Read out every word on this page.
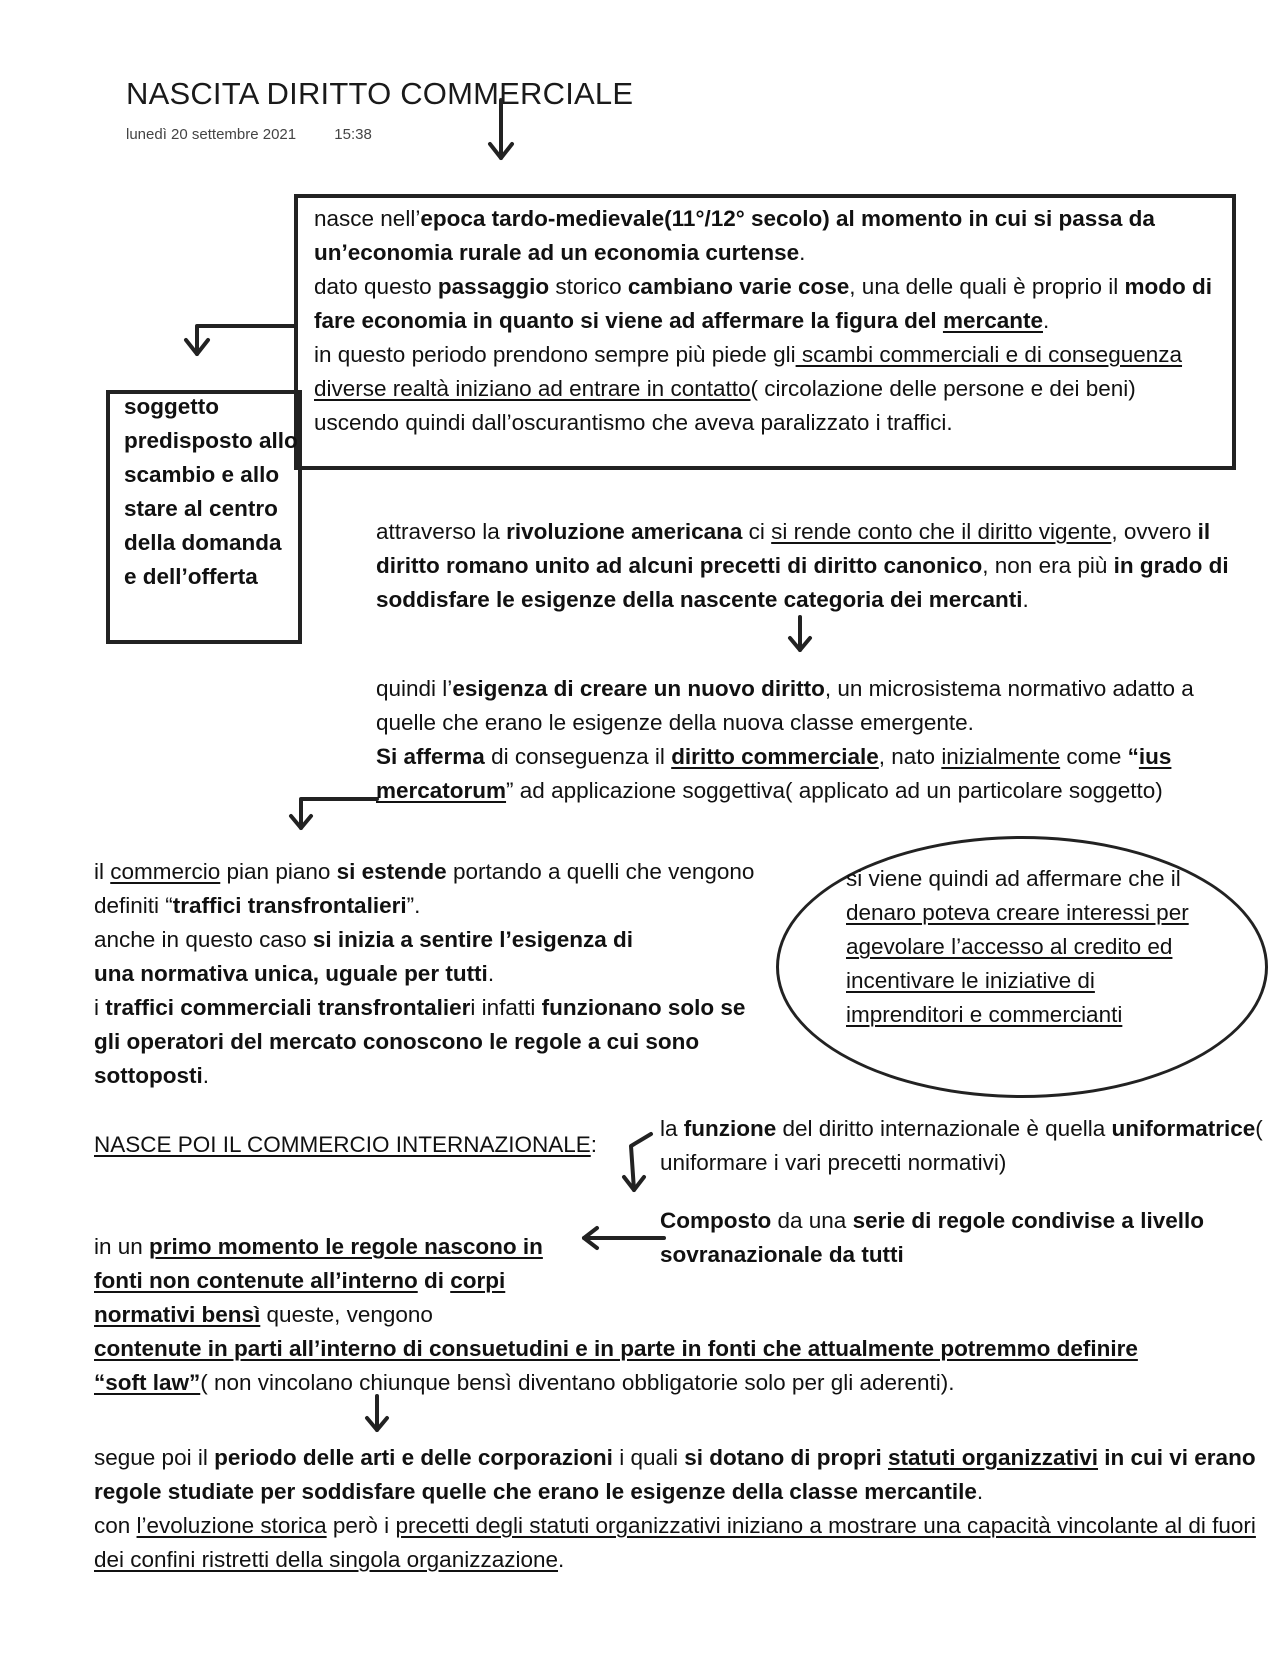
NASCITA DIRITTO COMMERCIALE
lunedì 20 settembre 2021	15:38

nasce nell’epoca tardo-medievale(11°/12° secolo) al momento in cui si passa da un’economia rurale ad un economia curtense.

dato questo passaggio storico cambiano varie cose, una delle quali è proprio il modo di fare economia in quanto si viene ad affermare la figura del mercante.

in questo periodo prendono sempre più piede gli scambi commerciali e di conseguenza diverse realtà iniziano ad entrare in contatto( circolazione delle persone e dei beni) uscendo quindi dall’oscurantismo che aveva paralizzato i traffici.

soggetto predisposto allo scambio e allo stare al centro della domanda e dell’offerta

attraverso la rivoluzione americana ci si rende conto che il diritto vigente, ovvero il diritto romano unito ad alcuni precetti di diritto canonico, non era più in grado di soddisfare le esigenze della nascente categoria dei mercanti.

quindi l’esigenza di creare un nuovo diritto, un microsistema normativo adatto a quelle che erano le esigenze della nuova classe emergente.

Si afferma di conseguenza il diritto commerciale, nato inizialmente come “ius mercatorum” ad applicazione soggettiva( applicato ad un particolare soggetto)

il commercio pian piano si estende portando a quelli che vengono definiti “traffici transfrontalieri”.

anche in questo caso si inizia a sentire l’esigenza di una normativa unica, uguale per tutti.

i traffici commerciali transfrontalieri infatti funzionano solo se gli operatori del mercato conoscono le regole a cui sono sottoposti.

si viene quindi ad affermare che il denaro poteva creare interessi per agevolare l’accesso al credito ed incentivare le iniziative di imprenditori e commercianti

NASCE POI IL COMMERCIO INTERNAZIONALE:

la funzione del diritto internazionale è quella uniformatrice( uniformare i vari precetti normativi)

Composto da una serie di regole condivise a livello sovranazionale da tutti

in un primo momento le regole nascono in fonti non contenute all’interno di corpi normativi bensì queste, vengono

contenute in parti all’interno di consuetudini e in parte in fonti che attualmente potremmo definire

“soft law”( non vincolano chiunque bensì diventano obbligatorie solo per gli aderenti).

segue poi il periodo delle arti e delle corporazioni i quali si dotano di propri statuti organizzativi in cui vi erano regole studiate per soddisfare quelle che erano le esigenze della classe mercantile.

con l’evoluzione storica però i precetti degli statuti organizzativi iniziano a mostrare una capacità vincolante al di fuori dei confini ristretti della singola organizzazione.
